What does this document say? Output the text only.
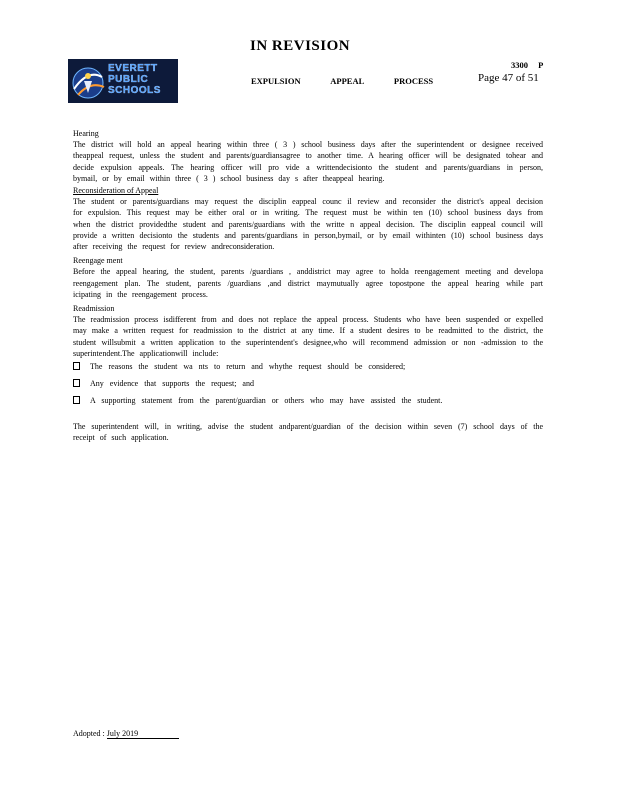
IN REVISION
3300 P
Page 47 of 51
EVERETT
PUBLIC
SCHOOLS
EXPULSION APPEAL PROCESS
Hearing

The district will hold an appeal hearing within three ( 3 ) school business days after the superintendent or designee received theappeal request, unless the student and parents/guardiansagree to another time. A hearing officer will be designated tohear and decide expulsion appeals. The hearing officer will pro vide a writtendecisionto the student and parents/guardians in person, bymail, or by email within three ( 3 ) school business day s after theappeal hearing.

Reconsideration of Appeal

The student or parents/guardians may request the disciplin eappeal counc il review and reconsider the district's appeal decision for expulsion. This request may be either oral or in writing. The request must be within ten (10) school business days from when the district providedthe student and parents/guardians with the writte n appeal decision. The disciplin eappeal council will provide a written decisionto the students and parents/guardians in person,bymail, or by email withinten (10) school business days after receiving the request for review andreconsideration.

Reengage ment

Before the appeal hearing, the student, parents /guardians , anddistrict may agree to holda reengagement meeting and developa reengagement plan. The student, parents /guardians ,and district maymutually agree topostpone the appeal hearing while part icipating in the reengagement process.

Readmission

The readmission process isdifferent from and does not replace the appeal process. Students who have been suspended or expelled may make a written request for readmission to the district at any time. If a student desires to be readmitted to the district, the student willsubmit a written application to the superintendent's designee,who will recommend admission or non -admission to the superintendent.The applicationwill include:

The reasons the student wa nts to return and whythe request should be considered;
Any evidence that supports the request; and
A supporting statement from the parent/guardian or others who may have assisted the student.

The superintendent will, in writing, advise the student andparent/guardian of the decision within seven (7) school days of the receipt of such application.

Adopted : July 2019
